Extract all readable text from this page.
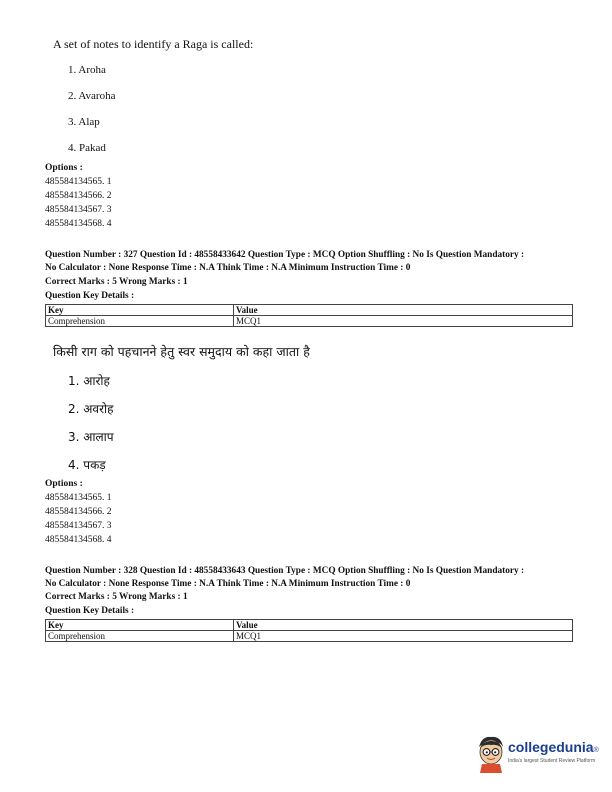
A set of notes to identify a Raga is called:
1. Aroha
2. Avaroha
3. Alap
4. Pakad
Options :
485584134565. 1
485584134566. 2
485584134567. 3
485584134568. 4
Question Number : 327 Question Id : 48558433642 Question Type : MCQ Option Shuffling : No Is Question Mandatory :
No Calculator : None Response Time : N.A Think Time : N.A Minimum Instruction Time : 0
Correct Marks : 5 Wrong Marks : 1
Question Key Details :
Key	Value
Comprehension	MCQ1
किसी राग को पहचानने हेतु स्वर समुदाय को कहा जाता है
1. आरोह
2. अवरोह
3. आलाप
4. पकड़
Options :
485584134565. 1
485584134566. 2
485584134567. 3
485584134568. 4
Question Number : 328 Question Id : 48558433643 Question Type : MCQ Option Shuffling : No Is Question Mandatory :
No Calculator : None Response Time : N.A Think Time : N.A Minimum Instruction Time : 0
Correct Marks : 5 Wrong Marks : 1
Question Key Details :
Key	Value
Comprehension	MCQ1
collegedunia®
India's largest Student Review Platform
